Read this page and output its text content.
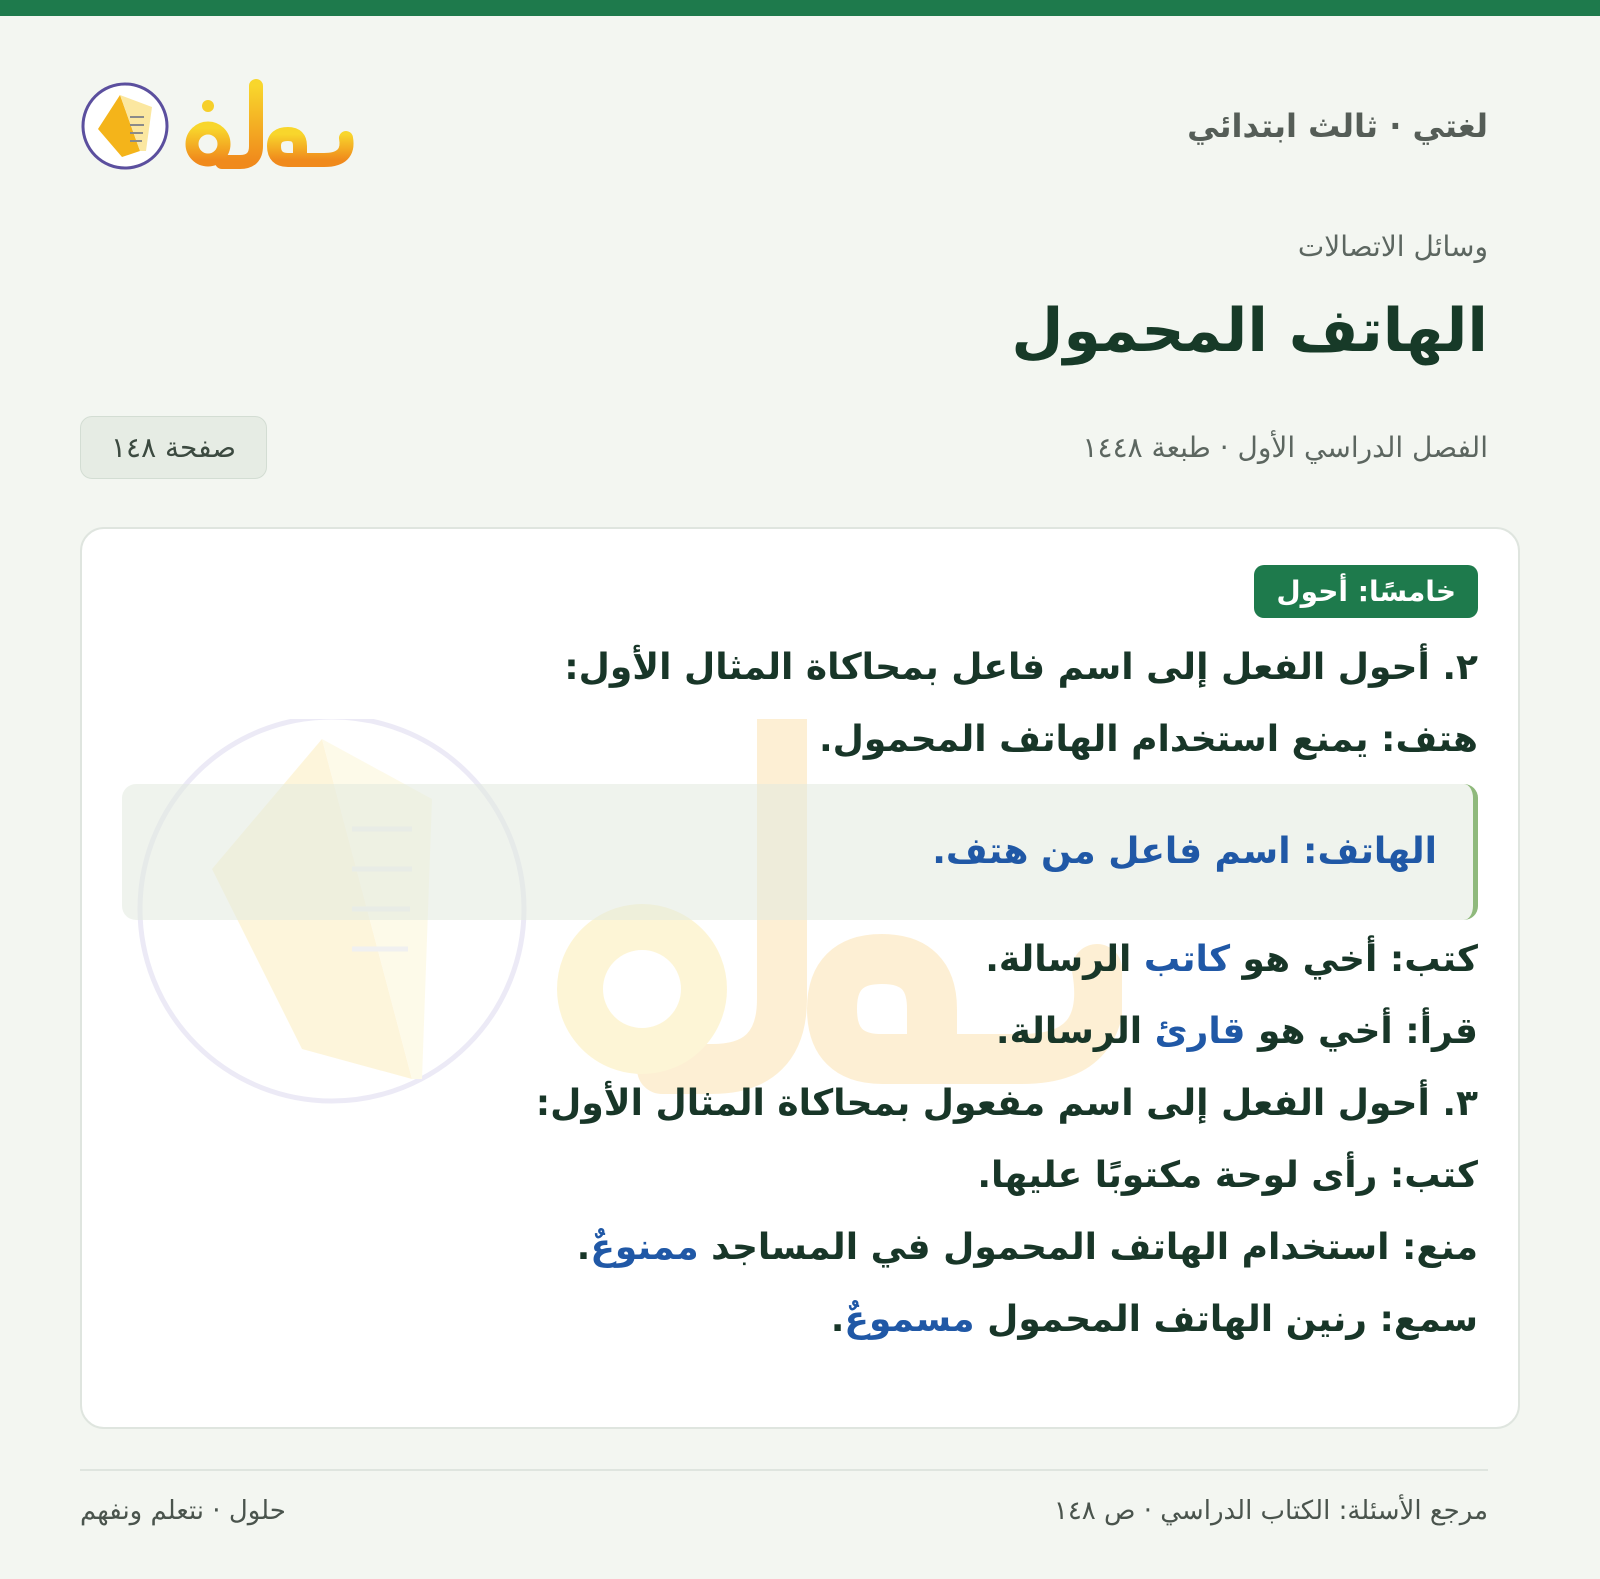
لغتي · ثالث ابتدائي
وسائل الاتصالات
الهاتف المحمول
الفصل الدراسي الأول · طبعة ١٤٤٨
صفحة ١٤٨
خامسًا: أحول
٢. أحول الفعل إلى اسم فاعل بمحاكاة المثال الأول:
هتف: يمنع استخدام الهاتف المحمول.
الهاتف: اسم فاعل من هتف.
كتب: أخي هو كاتب الرسالة.
قرأ: أخي هو قارئ الرسالة.
٣. أحول الفعل إلى اسم مفعول بمحاكاة المثال الأول:
كتب: رأى لوحة مكتوبًا عليها.
منع: استخدام الهاتف المحمول في المساجد ممنوعٌ.
سمع: رنين الهاتف المحمول مسموعٌ.
مرجع الأسئلة: الكتاب الدراسي · ص ١٤٨
حلول · نتعلم ونفهم
